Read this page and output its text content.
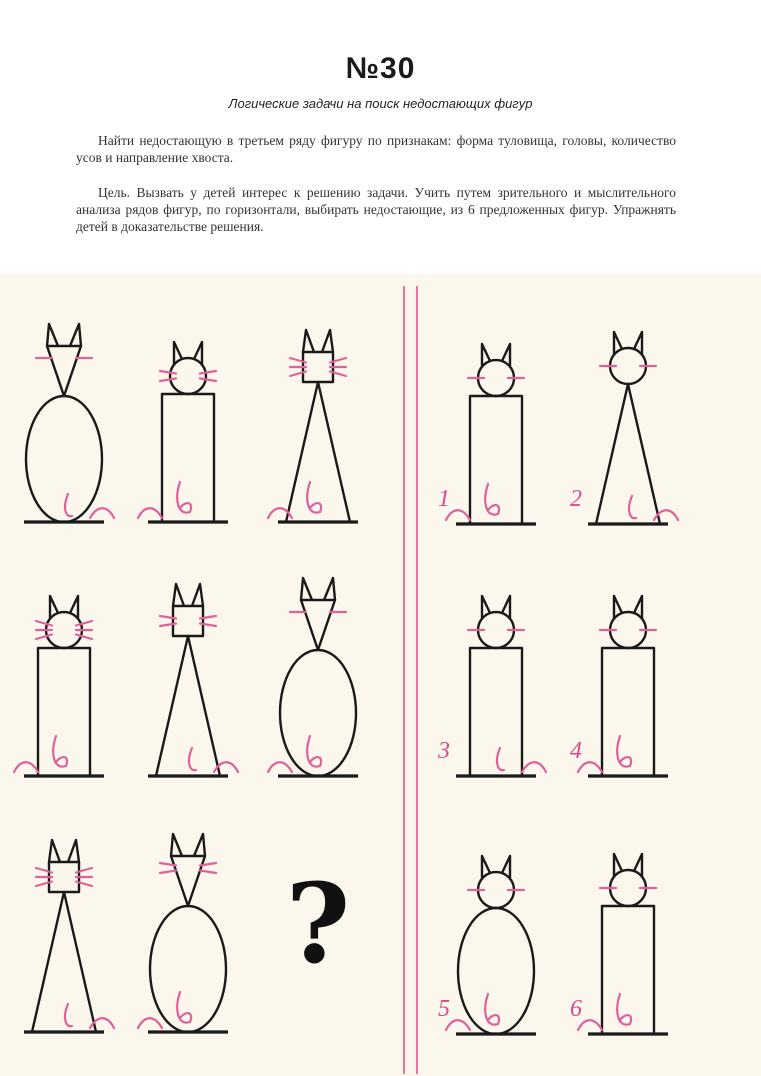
№30
Логические задачи на поиск недостающих фигур

Найти недостающую в третьем ряду фигуру по признакам: форма туловища, головы, количество усов и направление хвоста.

Цель. Вызвать у детей интерес к решению задачи. Учить путем зрительного и мыслительного анализа рядов фигур, по горизонтали, выбирать недостающие, из 6 предложенных фигур. Упражнять детей в доказательстве решения.

?
1	2
3	4
5	6
